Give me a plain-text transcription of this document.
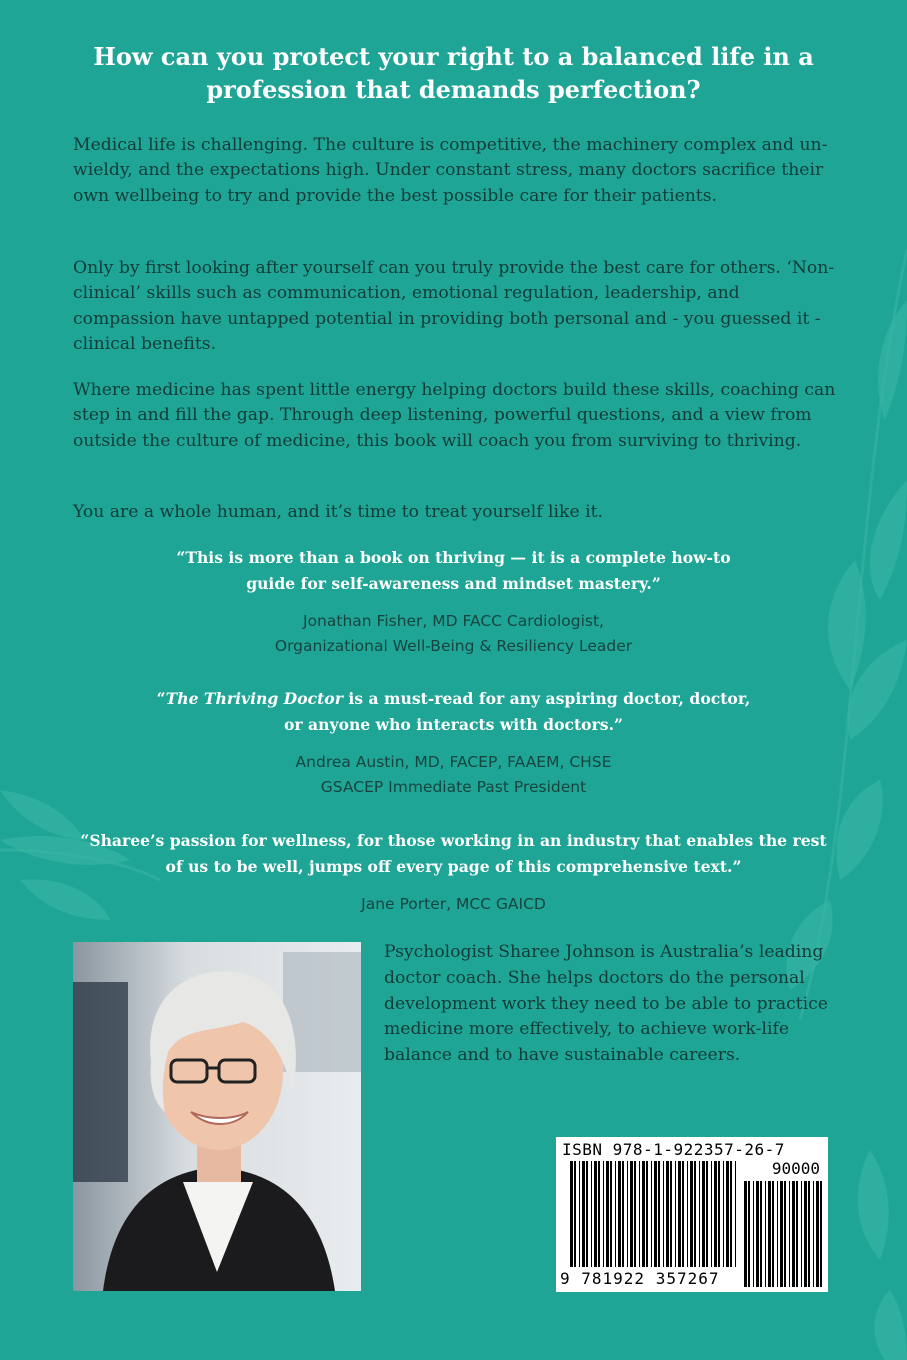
How can you protect your right to a balanced life in a profession that demands perfection?

Medical life is challenging. The culture is competitive, the machinery complex and un-wieldy, and the expectations high. Under constant stress, many doctors sacrifice their own wellbeing to try and provide the best possible care for their patients.

Only by first looking after yourself can you truly provide the best care for others. ‘Non-clinical’ skills such as communication, emotional regulation, leadership, and compassion have untapped potential in providing both personal and - you guessed it - clinical benefits.

Where medicine has spent little energy helping doctors build these skills, coaching can step in and fill the gap. Through deep listening, powerful questions, and a view from outside the culture of medicine, this book will coach you from surviving to thriving.

You are a whole human, and it’s time to treat yourself like it.

“This is more than a book on thriving — it is a complete how-to guide for self-awareness and mindset mastery.”

Jonathan Fisher, MD FACC Cardiologist,

Organizational Well-Being & Resiliency Leader

“The Thriving Doctor is a must-read for any aspiring doctor, doctor, or anyone who interacts with doctors.”

Andrea Austin, MD, FACEP, FAAEM, CHSE

GSACEP Immediate Past President

“Sharee’s passion for wellness, for those working in an industry that enables the rest of us to be well, jumps off every page of this comprehensive text.”

Jane Porter, MCC GAICD

Psychologist Sharee Johnson is Australia’s leading doctor coach. She helps doctors do the personal development work they need to be able to practice medicine more effectively, to achieve work-life balance and to have sustainable careers.

ISBN 978-1-922357-26-7

90000

9 781922 357267
